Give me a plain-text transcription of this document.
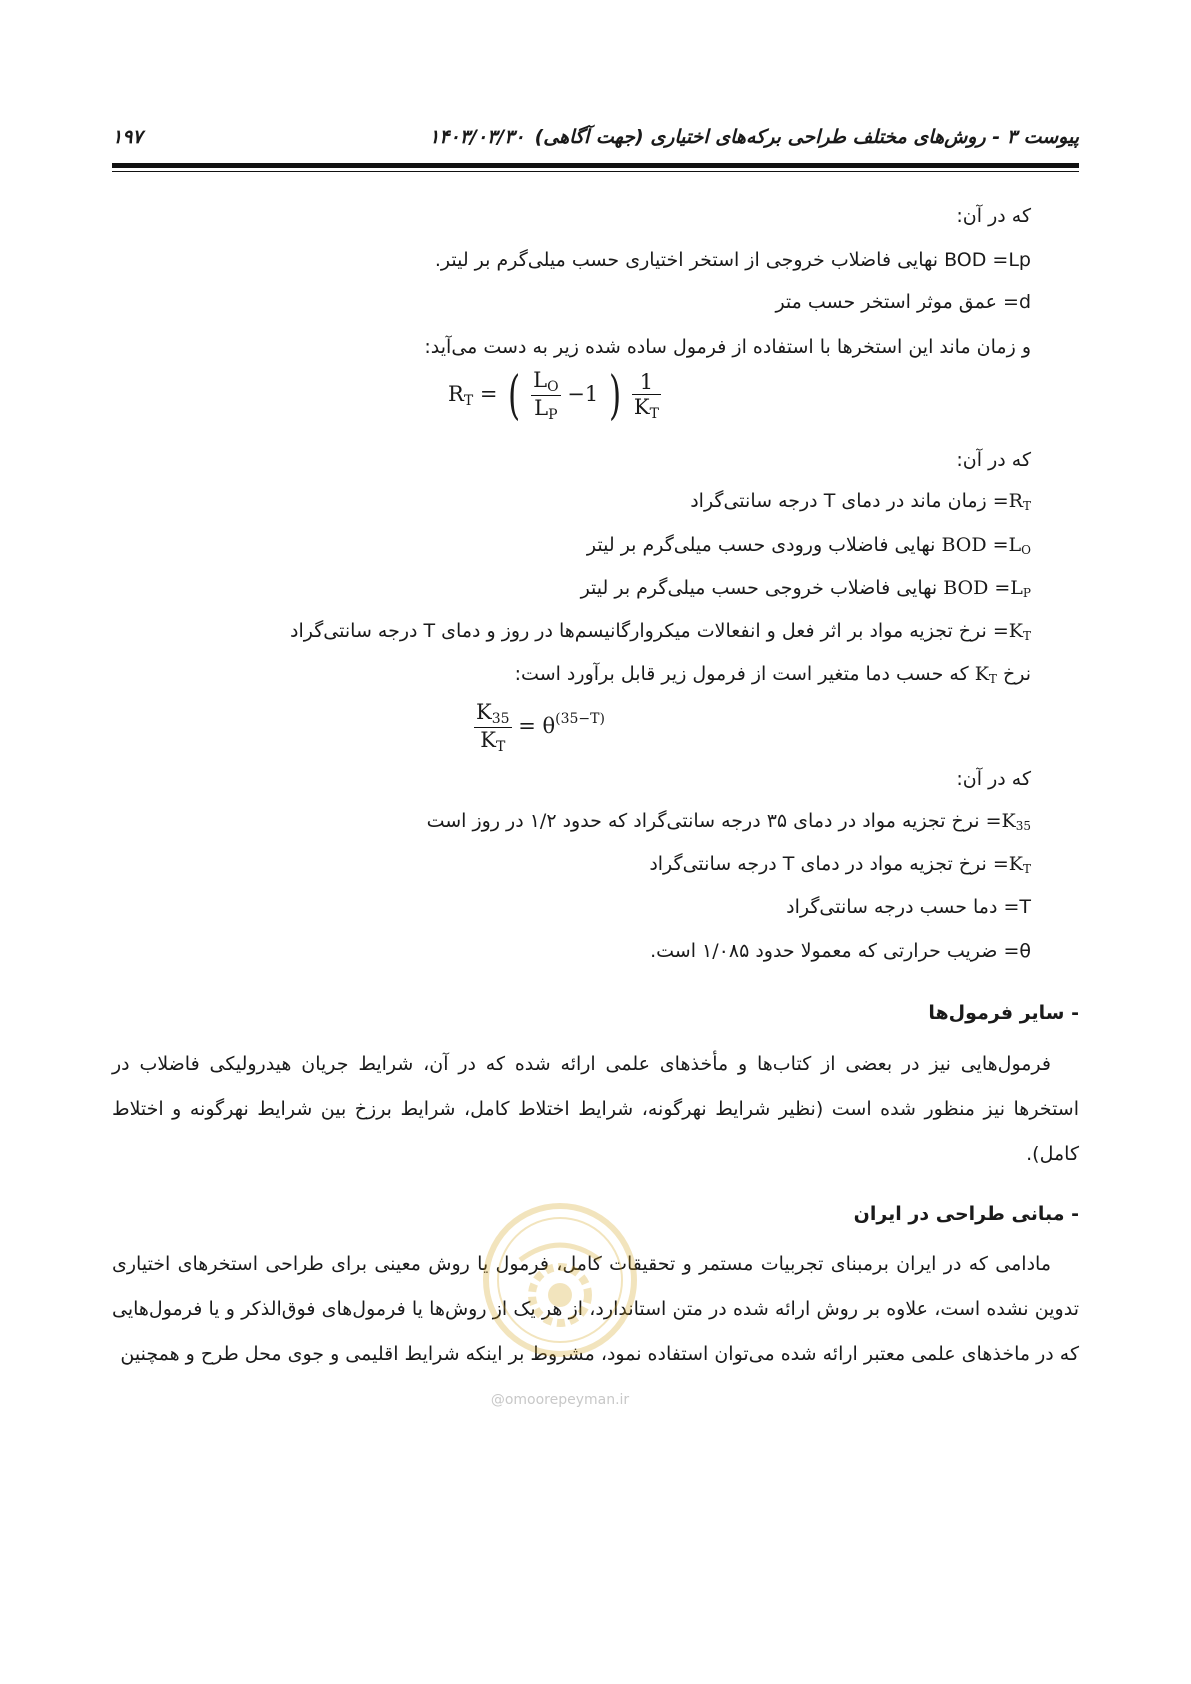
پیوست ۳ - روش‌های مختلف طراحی برکه‌های اختیاری (جهت آگاهی)۱۴۰۳/۰۳/۳۰
۱۹۷
که در آن:
BOD =Lp نهایی فاضلاب خروجی از استخر اختیاری حسب میلی‌گرم بر لیتر.
d= عمق موثر استخر حسب متر
و زمان ماند این استخرها با استفاده از فرمول ساده شده زیر به دست می‌آید:
$R_T$ = ( $\frac{L_O}{L_P} -1$ ) $\frac{1}{K_T}$
که در آن:
$R_T=$ زمان ماند در دمای T درجه سانتی‌گراد
BOD $=L_O$ نهایی فاضلاب ورودی حسب میلی‌گرم بر لیتر
BOD $=L_P$ نهایی فاضلاب خروجی حسب میلی‌گرم بر لیتر
$K_T=$ نرخ تجزیه مواد بر اثر فعل و انفعالات میکروارگانیسم‌ها در روز و دمای T درجه سانتی‌گراد
نرخ $K_T$ که حسب دما متغیر است از فرمول زیر قابل برآورد است:
$\frac{K_{35}}{K_T} = \theta^{(35-T)}$
که در آن:
$K_{35}=$ نرخ تجزیه مواد در دمای ۳۵ درجه سانتی‌گراد که حدود ۱/۲ در روز است
$K_T=$ نرخ تجزیه مواد در دمای T درجه سانتی‌گراد
T= دما حسب درجه سانتی‌گراد
θ= ضریب حرارتی که معمولا حدود ۱/۰۸۵ است.
- سایر فرمول‌ها
فرمول‌هایی نیز در بعضی از کتاب‌ها و مأخذهای علمی ارائه شده که در آن، شرایط جریان هیدرولیکی فاضلاب در استخرها نیز منظور شده است (نظیر شرایط نهرگونه، شرایط اختلاط کامل، شرایط برزخ بین شرایط نهرگونه و اختلاط کامل).
- مبانی طراحی در ایران
مادامی که در ایران برمبنای تجربیات مستمر و تحقیقات کامل، فرمول یا روش معینی برای طراحی استخرهای اختیاری تدوین نشده است، علاوه بر روش ارائه شده در متن استاندارد، از هر یک از روش‌ها یا فرمول‌های فوق‌الذکر و یا فرمول‌هایی که در ماخذهای علمی معتبر ارائه شده می‌توان استفاده نمود، مشروط بر اینکه شرایط اقلیمی و جوی محل طرح و همچنین
@omoorepeyman.ir
